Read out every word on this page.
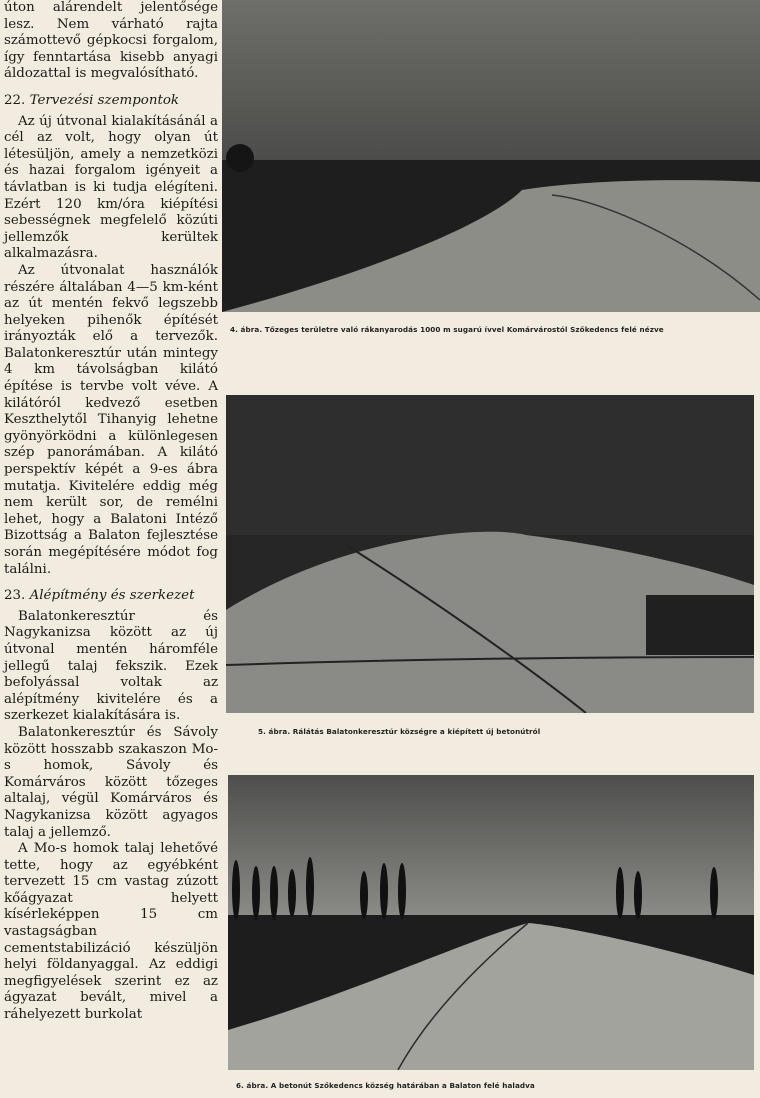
úton alárendelt jelentősége lesz. Nem várható rajta számottevő gépkocsi forgalom, így fenntartása kisebb anyagi áldozattal is megvalósítható.

22. Tervezési szempontok

Az új útvonal kialakításánál a cél az volt, hogy olyan út létesüljön, amely a nemzetközi és hazai forgalom igényeit a távlatban is ki tudja elégíteni. Ezért 120 km/óra kiépítési sebességnek megfelelő közúti jellemzők kerültek alkalmazásra.

Az útvonalat használók részére általában 4—5 km-ként az út mentén fekvő legszebb helyeken pihenők építését irányozták elő a tervezők. Balatonkeresztúr után mintegy 4 km távolságban kilátó építése is tervbe volt véve. A kilátóról kedvező esetben Keszthelytől Tihanyig lehetne gyönyörködni a különlegesen szép panorámában. A kilátó perspektív képét a 9-es ábra mutatja. Kivitelére eddig még nem került sor, de remélni lehet, hogy a Balatoni Intéző Bizottság a Balaton fejlesztése során megépítésére módot fog találni.

23. Alépítmény és szerkezet

Balatonkeresztúr és Nagykanizsa között az új útvonal mentén háromféle jellegű talaj fekszik. Ezek befolyással voltak az alépítmény kivitelére és a szerkezet kialakítására is.

Balatonkeresztúr és Sávoly között hosszabb szakaszon Mo-s homok, Sávoly és Komárváros között tőzeges altalaj, végül Komárváros és Nagykanizsa között agyagos talaj a jellemző.

A Mo-s homok talaj lehetővé tette, hogy az egyébként tervezett 15 cm vastag zúzott kőágyazat helyett kísérleképpen 15 cm vastagságban cementstabilizáció készüljön helyi földanyaggal. Az eddigi megfigyelések szerint ez az ágyazat bevált, mivel a ráhelyezett burkolat

4. ábra. Tőzeges területre való rákanyarodás 1000 m sugarú ívvel Komárvárostól Szőkedencs felé nézve
5. ábra. Rálátás Balatonkeresztúr községre a kiépített új betonútról
6. ábra. A betonút Szőkedencs község határában a Balaton felé haladva
